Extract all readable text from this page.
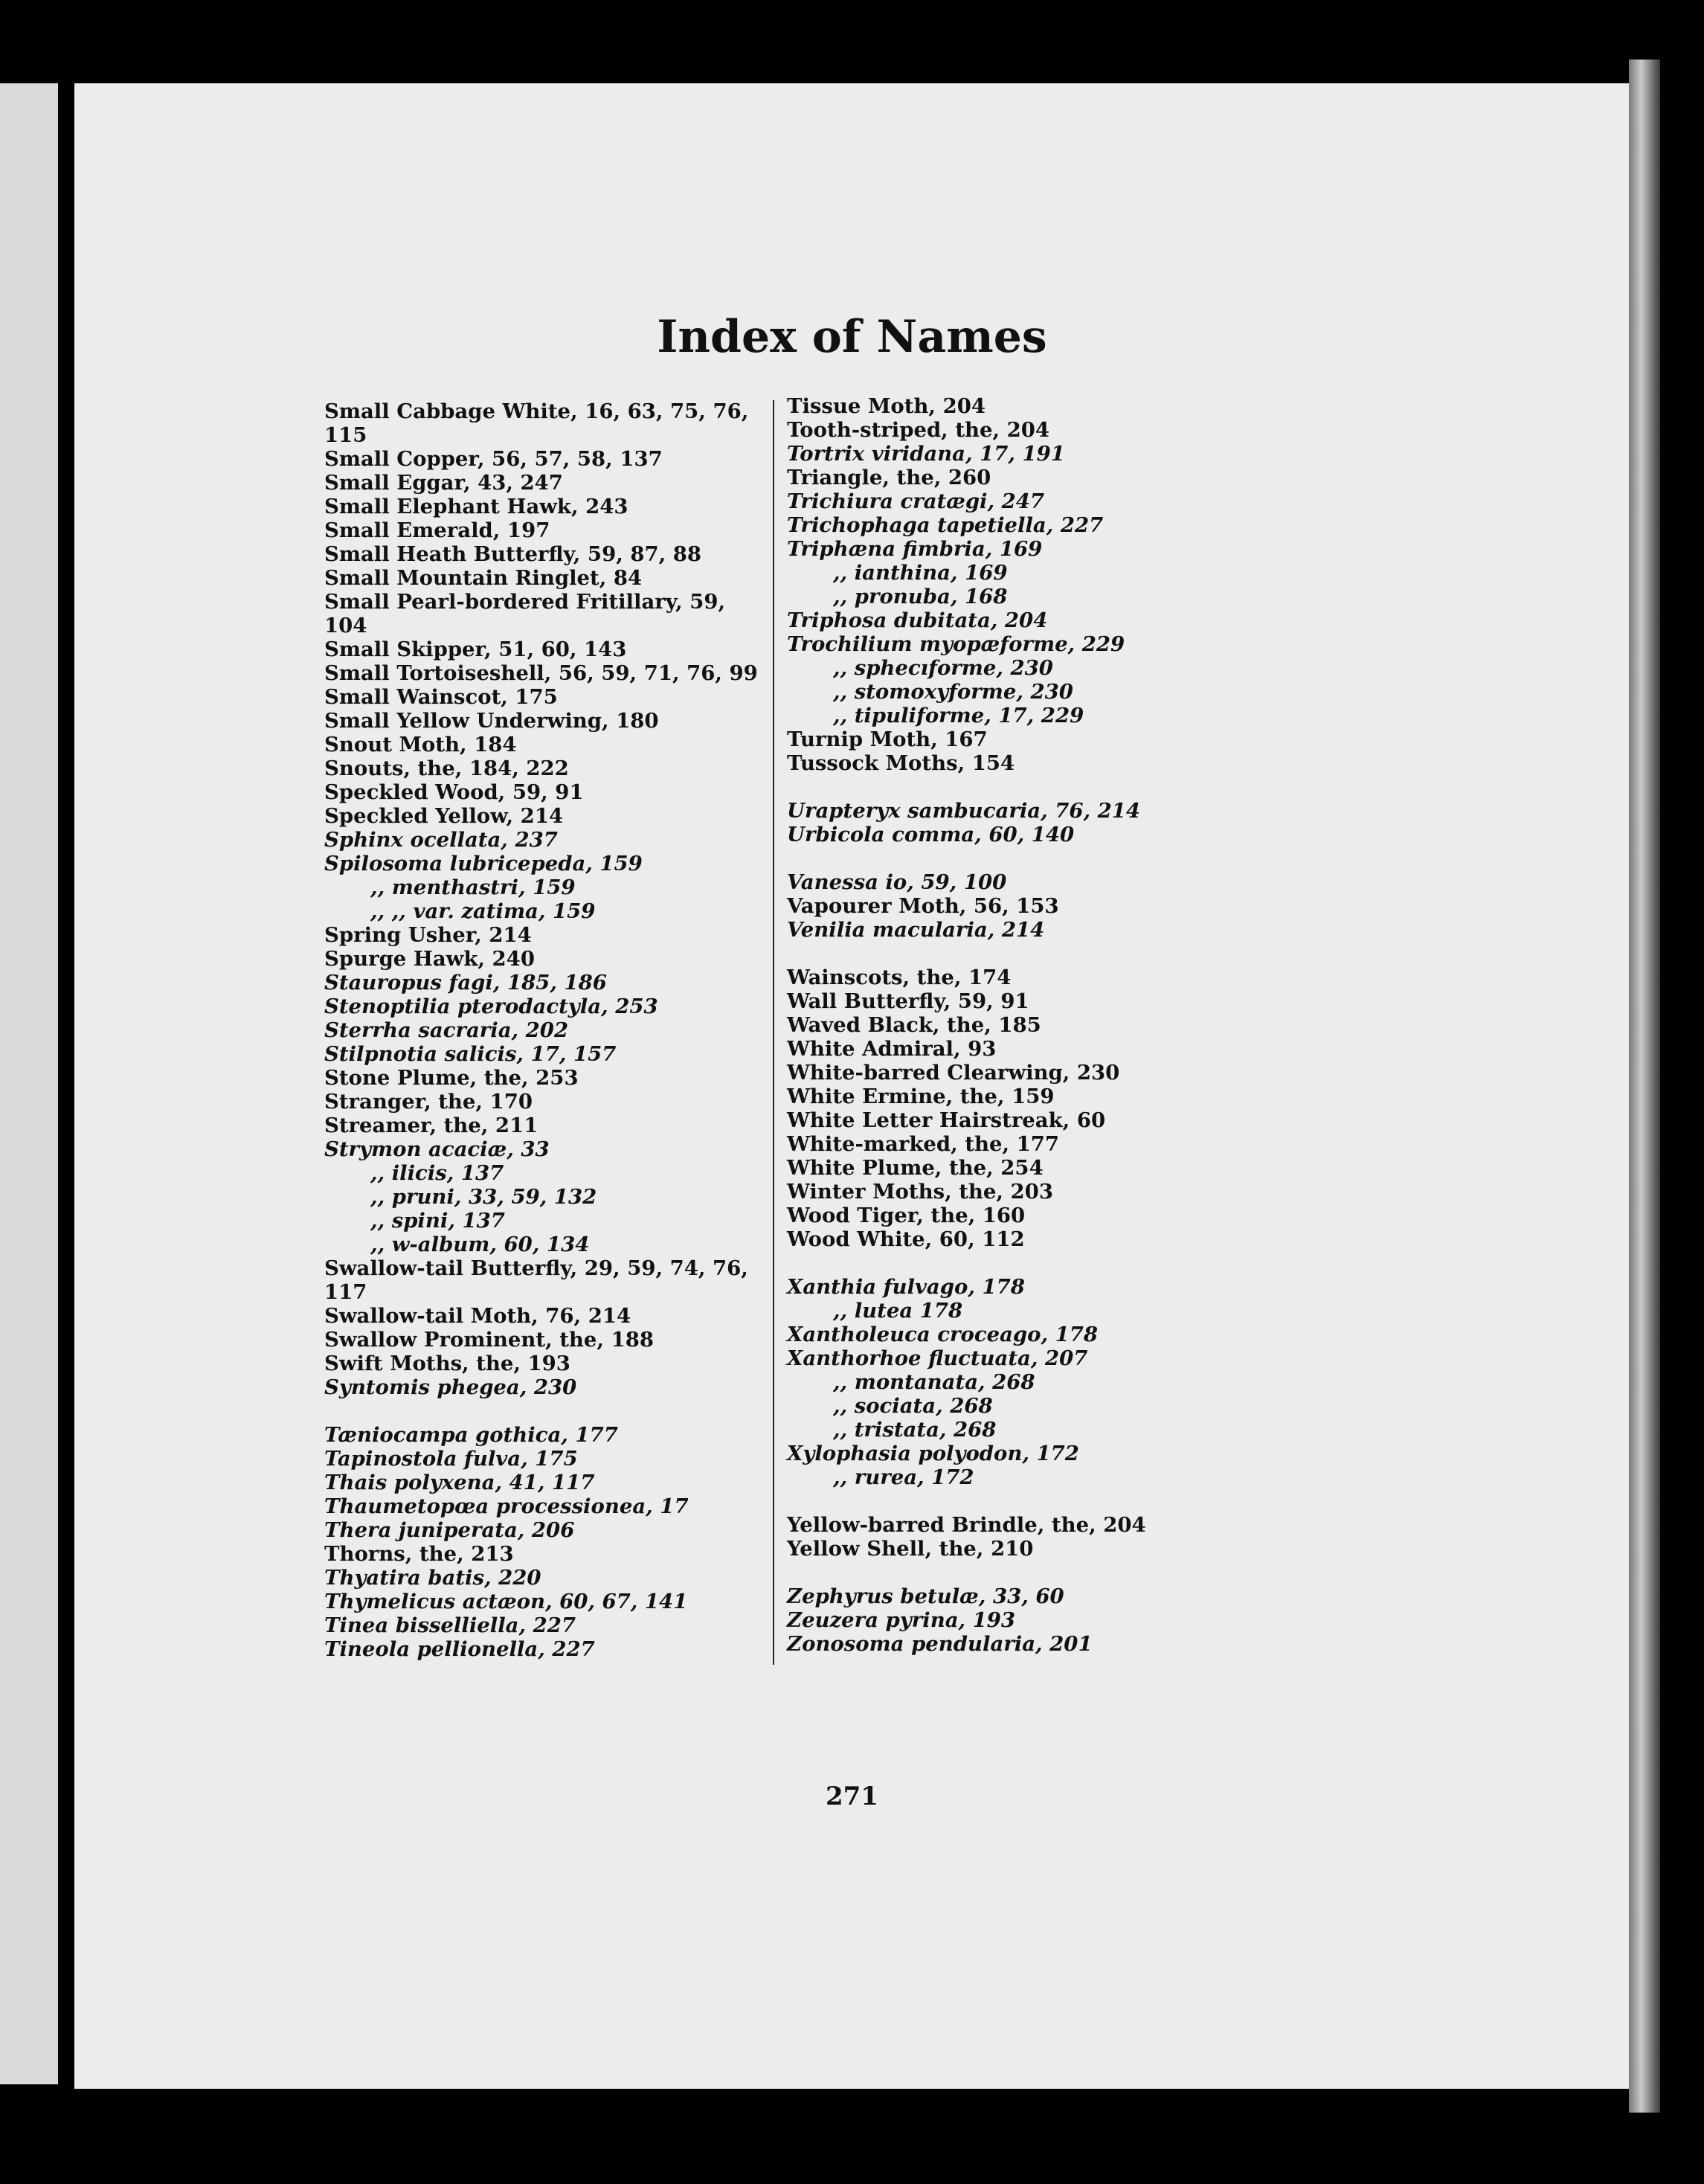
Index of Names
Small Cabbage White, 16, 63, 75, 76,
115
Small Copper, 56, 57, 58, 137
Small Eggar, 43, 247
Small Elephant Hawk, 243
Small Emerald, 197
Small Heath Butterfly, 59, 87, 88
Small Mountain Ringlet, 84
Small Pearl-bordered Fritillary, 59,
104
Small Skipper, 51, 60, 143
Small Tortoiseshell, 56, 59, 71, 76, 99
Small Wainscot, 175
Small Yellow Underwing, 180
Snout Moth, 184
Snouts, the, 184, 222
Speckled Wood, 59, 91
Speckled Yellow, 214
Sphinx ocellata, 237
Spilosoma lubricepeda, 159
,, menthastri, 159
,, ,, var. zatima, 159
Spring Usher, 214
Spurge Hawk, 240
Stauropus fagi, 185, 186
Stenoptilia pterodactyla, 253
Sterrha sacraria, 202
Stilpnotia salicis, 17, 157
Stone Plume, the, 253
Stranger, the, 170
Streamer, the, 211
Strymon acaciæ, 33
,, ilicis, 137
,, pruni, 33, 59, 132
,, spini, 137
,, w-album, 60, 134
Swallow-tail Butterfly, 29, 59, 74, 76,
117
Swallow-tail Moth, 76, 214
Swallow Prominent, the, 188
Swift Moths, the, 193
Syntomis phegea, 230
Tæniocampa gothica, 177
Tapinostola fulva, 175
Thais polyxena, 41, 117
Thaumetopœa processionea, 17
Thera juniperata, 206
Thorns, the, 213
Thyatira batis, 220
Thymelicus actæon, 60, 67, 141
Tinea bisselliella, 227
Tineola pellionella, 227
Tissue Moth, 204
Tooth-striped, the, 204
Tortrix viridana, 17, 191
Triangle, the, 260
Trichiura cratægi, 247
Trichophaga tapetiella, 227
Triphæna fimbria, 169
,, ianthina, 169
,, pronuba, 168
Triphosa dubitata, 204
Trochilium myopæforme, 229
,, sphecıforme, 230
,, stomoxyforme, 230
,, tipuliforme, 17, 229
Turnip Moth, 167
Tussock Moths, 154
Urapteryx sambucaria, 76, 214
Urbicola comma, 60, 140
Vanessa io, 59, 100
Vapourer Moth, 56, 153
Venilia macularia, 214
Wainscots, the, 174
Wall Butterfly, 59, 91
Waved Black, the, 185
White Admiral, 93
White-barred Clearwing, 230
White Ermine, the, 159
White Letter Hairstreak, 60
White-marked, the, 177
White Plume, the, 254
Winter Moths, the, 203
Wood Tiger, the, 160
Wood White, 60, 112
Xanthia fulvago, 178
,, lutea 178
Xantholeuca croceago, 178
Xanthorhoe fluctuata, 207
,, montanata, 268
,, sociata, 268
,, tristata, 268
Xylophasia polyodon, 172
,, rurea, 172
Yellow-barred Brindle, the, 204
Yellow Shell, the, 210
Zephyrus betulæ, 33, 60
Zeuzera pyrina, 193
Zonosoma pendularia, 201
271
